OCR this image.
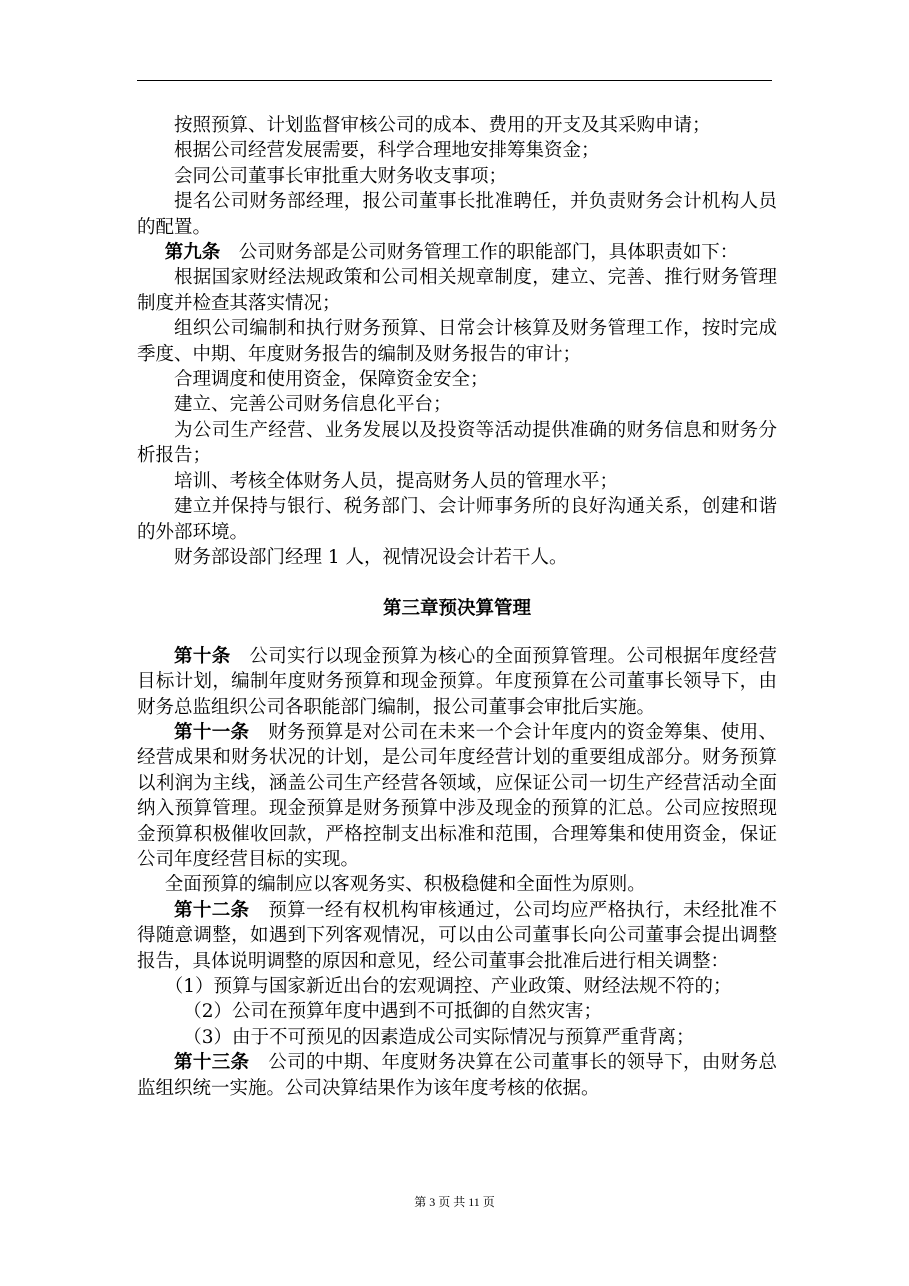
按照预算、计划监督审核公司的成本、费用的开支及其采购申请；

根据公司经营发展需要，科学合理地安排筹集资金；

会同公司董事长审批重大财务收支事项；

提名公司财务部经理，报公司董事长批准聘任，并负责财务会计机构人员的配置。

第九条  公司财务部是公司财务管理工作的职能部门，具体职责如下：

根据国家财经法规政策和公司相关规章制度，建立、完善、推行财务管理制度并检查其落实情况；

组织公司编制和执行财务预算、日常会计核算及财务管理工作，按时完成季度、中期、年度财务报告的编制及财务报告的审计；

合理调度和使用资金，保障资金安全；

建立、完善公司财务信息化平台；

为公司生产经营、业务发展以及投资等活动提供准确的财务信息和财务分析报告；

培训、考核全体财务人员，提高财务人员的管理水平；

建立并保持与银行、税务部门、会计师事务所的良好沟通关系，创建和谐的外部环境。

财务部设部门经理 1 人，视情况设会计若干人。

第三章预决算管理

第十条  公司实行以现金预算为核心的全面预算管理。公司根据年度经营目标计划，编制年度财务预算和现金预算。年度预算在公司董事长领导下，由财务总监组织公司各职能部门编制，报公司董事会审批后实施。

第十一条  财务预算是对公司在未来一个会计年度内的资金筹集、使用、经营成果和财务状况的计划，是公司年度经营计划的重要组成部分。财务预算以利润为主线，涵盖公司生产经营各领域，应保证公司一切生产经营活动全面纳入预算管理。现金预算是财务预算中涉及现金的预算的汇总。公司应按照现金预算积极催收回款，严格控制支出标准和范围，合理筹集和使用资金，保证公司年度经营目标的实现。

全面预算的编制应以客观务实、积极稳健和全面性为原则。

第十二条  预算一经有权机构审核通过，公司均应严格执行，未经批准不得随意调整，如遇到下列客观情况，可以由公司董事长向公司董事会提出调整报告，具体说明调整的原因和意见，经公司董事会批准后进行相关调整：

（1）预算与国家新近出台的宏观调控、产业政策、财经法规不符的；

（2）公司在预算年度中遇到不可抵御的自然灾害；

（3）由于不可预见的因素造成公司实际情况与预算严重背离；

第十三条  公司的中期、年度财务决算在公司董事长的领导下，由财务总监组织统一实施。公司决算结果作为该年度考核的依据。

第 3 页 共 11 页
